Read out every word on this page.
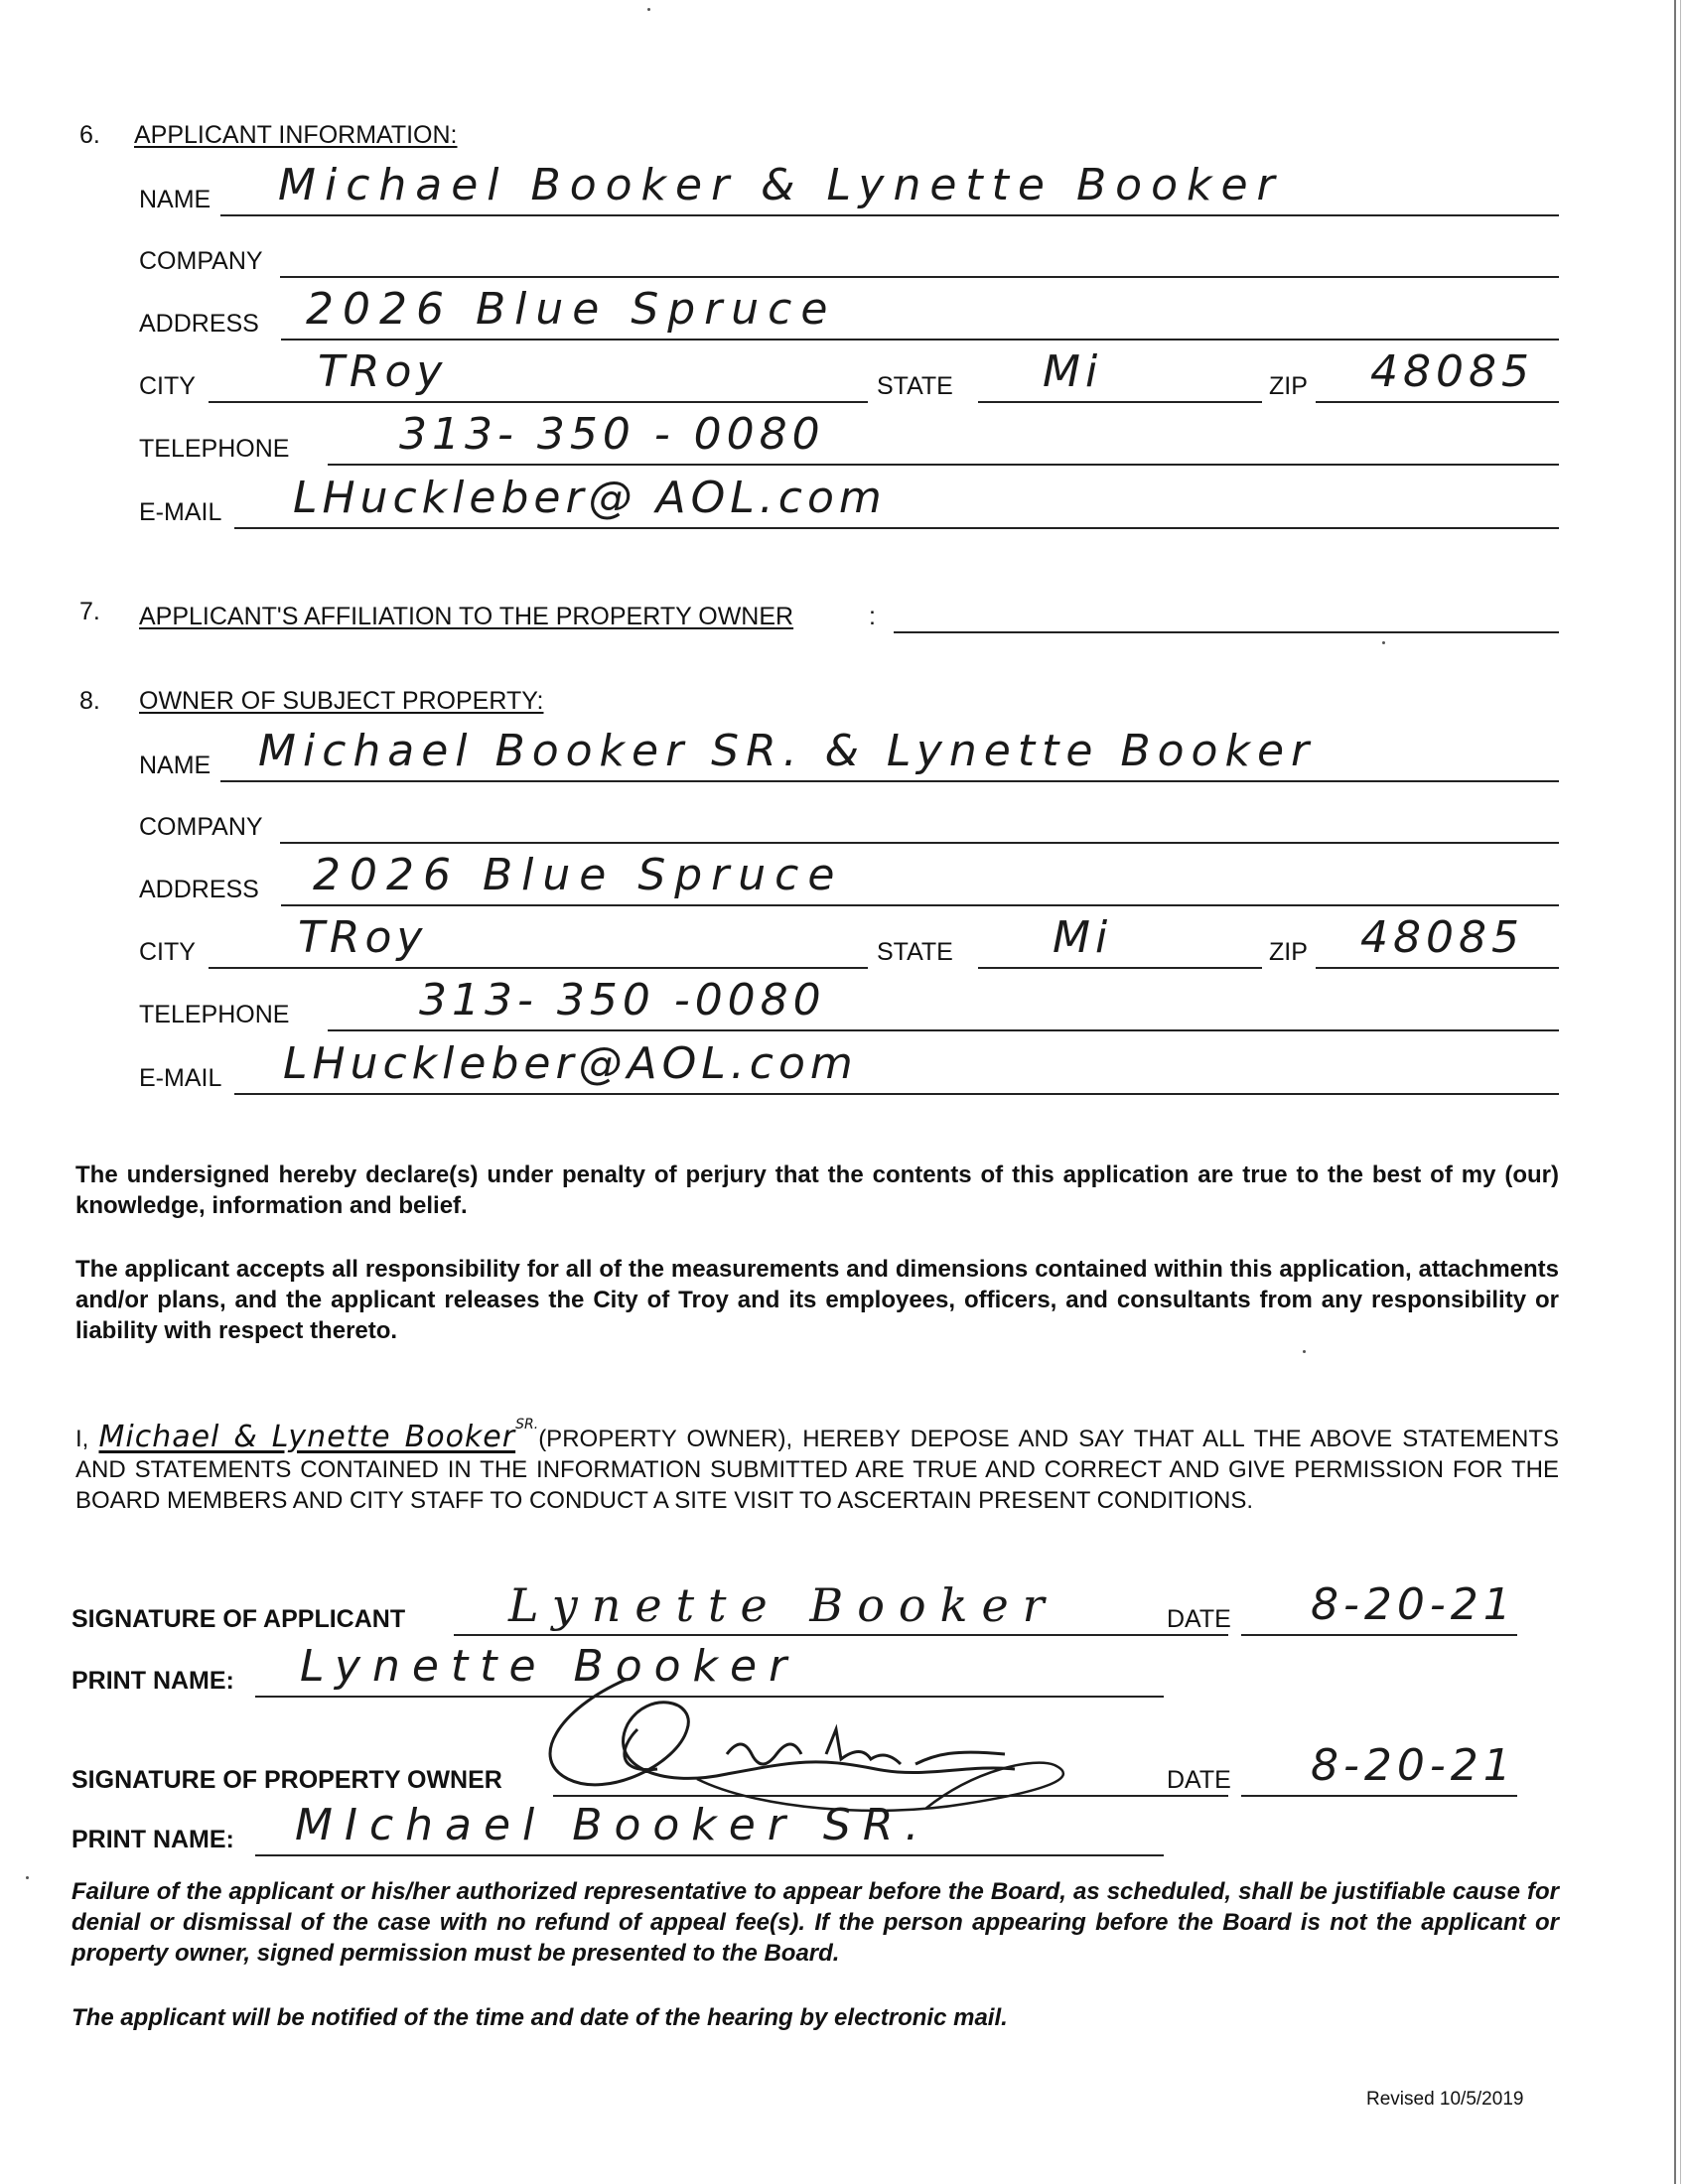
6. APPLICANT INFORMATION:
NAME Michael Booker & Lynette Booker
COMPANY
ADDRESS 2026 Blue Spruce
CITY	TRoy	STATE Mi	ZIP 48085
TELEPHONE	313- 350 - 0080
E-MAIL LHuckleber@ AOL.com
7. APPLICANT'S AFFILIATION TO THE PROPERTY OWNER	:
8. OWNER OF SUBJECT PROPERTY:
NAME Michael Booker SR. & Lynette Booker
COMPANY
ADDRESS 2026 Blue Spruce
CITY TRoy	STATE Mi	ZIP 48085
TELEPHONE	313- 350 -0080
E-MAIL LHuckleber@AOL.com
The undersigned hereby declare(s) under penalty of perjury that the contents of this application are true to the best of my (our) knowledge, information and belief.
The applicant accepts all responsibility for all of the measurements and dimensions contained within this application, attachments and/or plans, and the applicant releases the City of Troy and its employees, officers, and consultants from any responsibility or liability with respect thereto.
I, Michael & Lynette Booker$^{SR.}$(PROPERTY OWNER), HEREBY DEPOSE AND SAY THAT ALL THE ABOVE STATEMENTS AND STATEMENTS CONTAINED IN THE INFORMATION SUBMITTED ARE TRUE AND CORRECT AND GIVE PERMISSION FOR THE BOARD MEMBERS AND CITY STAFF TO CONDUCT A SITE VISIT TO ASCERTAIN PRESENT CONDITIONS.
SIGNATURE OF APPLICANT Lynette Booker	DATE 8-20-21
PRINT NAME: Lynette Booker
SIGNATURE OF PROPERTY OWNER	DATE 8-20-21
PRINT NAME: MIchael Booker SR.
Failure of the applicant or his/her authorized representative to appear before the Board, as scheduled, shall be justifiable cause for denial or dismissal of the case with no refund of appeal fee(s). If the person appearing before the Board is not the applicant or property owner, signed permission must be presented to the Board.
The applicant will be notified of the time and date of the hearing by electronic mail.
Revised 10/5/2019
